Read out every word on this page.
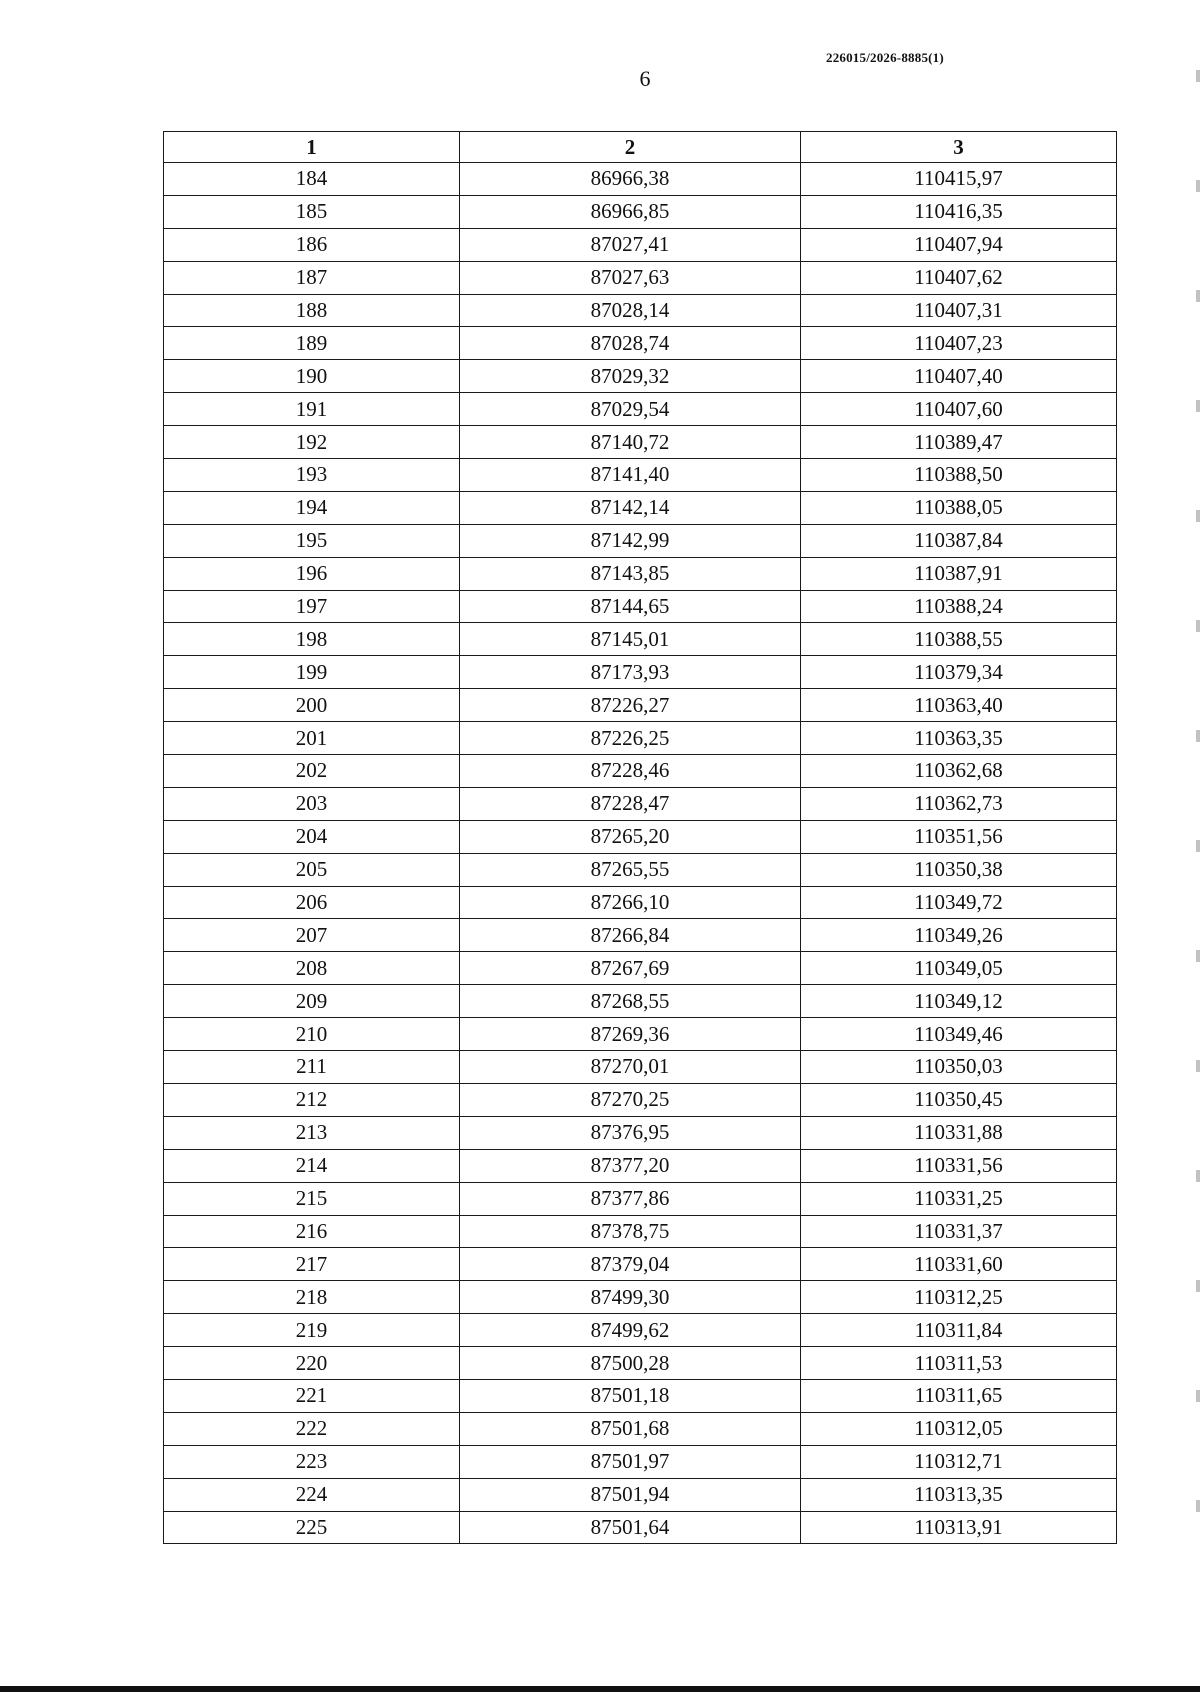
226015/2026-8885(1)
6
1	2	3
184	86966,38	110415,97
185	86966,85	110416,35
186	87027,41	110407,94
187	87027,63	110407,62
188	87028,14	110407,31
189	87028,74	110407,23
190	87029,32	110407,40
191	87029,54	110407,60
192	87140,72	110389,47
193	87141,40	110388,50
194	87142,14	110388,05
195	87142,99	110387,84
196	87143,85	110387,91
197	87144,65	110388,24
198	87145,01	110388,55
199	87173,93	110379,34
200	87226,27	110363,40
201	87226,25	110363,35
202	87228,46	110362,68
203	87228,47	110362,73
204	87265,20	110351,56
205	87265,55	110350,38
206	87266,10	110349,72
207	87266,84	110349,26
208	87267,69	110349,05
209	87268,55	110349,12
210	87269,36	110349,46
211	87270,01	110350,03
212	87270,25	110350,45
213	87376,95	110331,88
214	87377,20	110331,56
215	87377,86	110331,25
216	87378,75	110331,37
217	87379,04	110331,60
218	87499,30	110312,25
219	87499,62	110311,84
220	87500,28	110311,53
221	87501,18	110311,65
222	87501,68	110312,05
223	87501,97	110312,71
224	87501,94	110313,35
225	87501,64	110313,91
